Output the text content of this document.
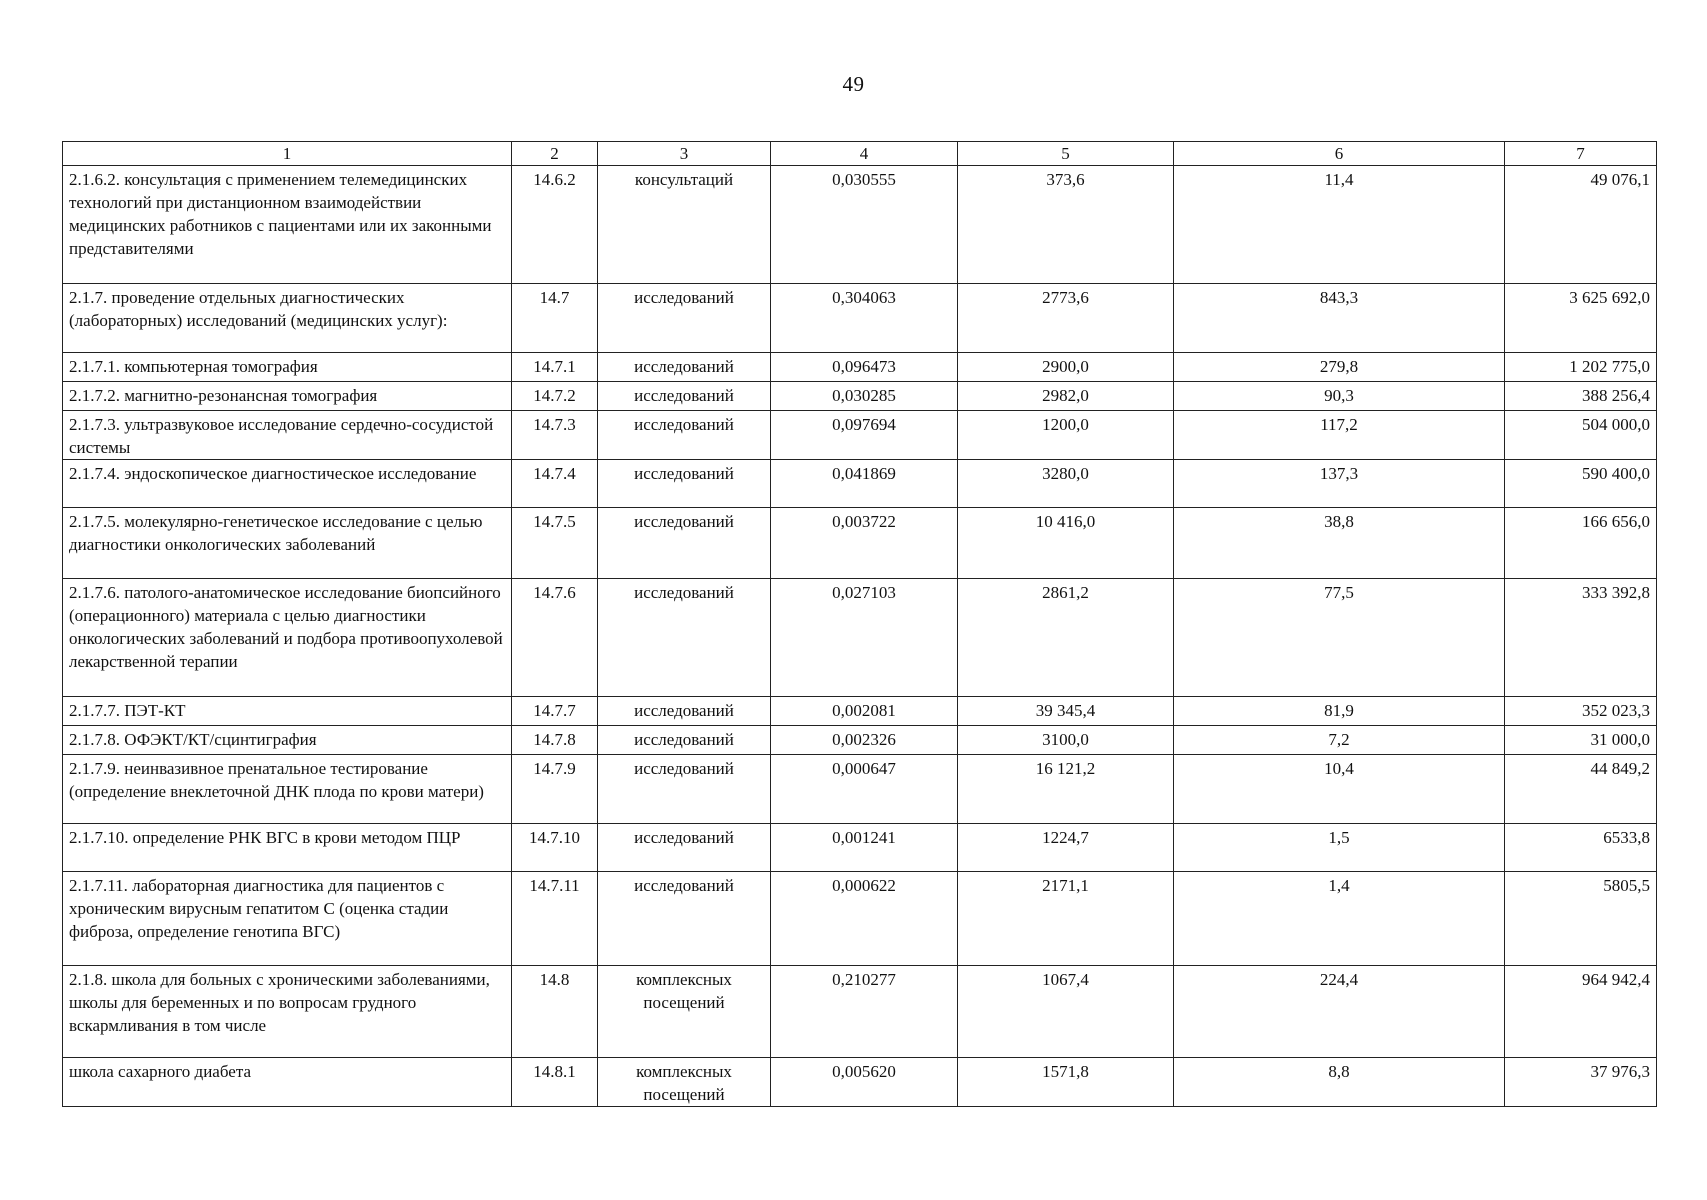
49
1	2	3	4	5	6	7
2.1.6.2. консультация с применением телемедицинских технологий при дистанционном взаимодействии медицинских работников с пациентами или их законными представителями	14.6.2	консультаций	0,030555	373,6	11,4	49 076,1
2.1.7. проведение отдельных диагностических (лабораторных) исследований (медицинских услуг):	14.7	исследований	0,304063	2773,6	843,3	3 625 692,0
2.1.7.1. компьютерная томография	14.7.1	исследований	0,096473	2900,0	279,8	1 202 775,0
2.1.7.2. магнитно-резонансная томография	14.7.2	исследований	0,030285	2982,0	90,3	388 256,4
2.1.7.3. ультразвуковое исследование сердечно-сосудистой системы	14.7.3	исследований	0,097694	1200,0	117,2	504 000,0
2.1.7.4. эндоскопическое диагностическое исследование	14.7.4	исследований	0,041869	3280,0	137,3	590 400,0
2.1.7.5. молекулярно-генетическое исследование с целью диагностики онкологических заболеваний	14.7.5	исследований	0,003722	10 416,0	38,8	166 656,0
2.1.7.6. патолого-анатомическое исследование биопсийного (операционного) материала с целью диагностики онкологических заболеваний и подбора противоопухолевой лекарственной терапии	14.7.6	исследований	0,027103	2861,2	77,5	333 392,8
2.1.7.7. ПЭТ-КТ	14.7.7	исследований	0,002081	39 345,4	81,9	352 023,3
2.1.7.8. ОФЭКТ/КТ/сцинтиграфия	14.7.8	исследований	0,002326	3100,0	7,2	31 000,0
2.1.7.9. неинвазивное пренатальное тестирование (определение внеклеточной ДНК плода по крови матери)	14.7.9	исследований	0,000647	16 121,2	10,4	44 849,2
2.1.7.10. определение РНК ВГС в крови методом ПЦР	14.7.10	исследований	0,001241	1224,7	1,5	6533,8
2.1.7.11. лабораторная диагностика для пациентов с хроническим вирусным гепатитом С (оценка стадии фиброза, определение генотипа ВГС)	14.7.11	исследований	0,000622	2171,1	1,4	5805,5
2.1.8. школа для больных с хроническими заболеваниями, школы для беременных и по вопросам грудного вскармливания в том числе	14.8	комплексных посещений	0,210277	1067,4	224,4	964 942,4
школа сахарного диабета	14.8.1	комплексных посещений	0,005620	1571,8	8,8	37 976,3
